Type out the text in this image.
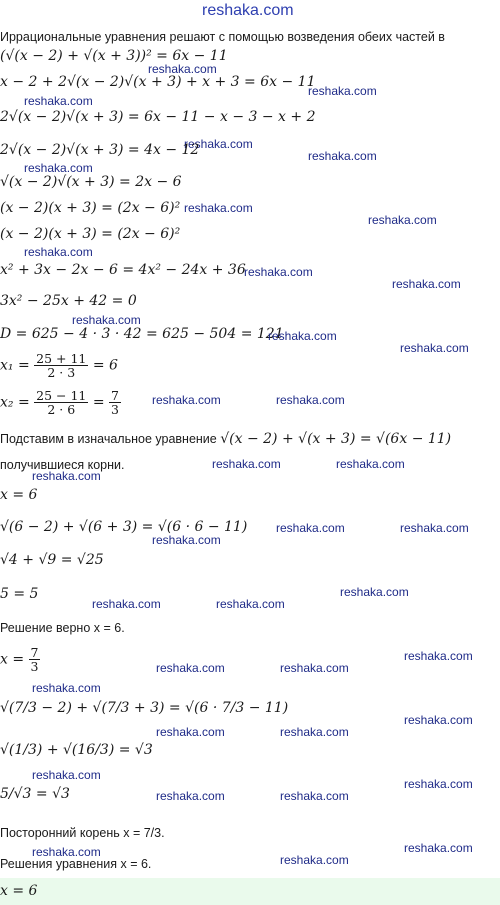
reshaka.com
Иррациональные уравнения решают с помощью возведения обеих частей в
(√(x − 2) + √(x + 3))² = 6x − 11
reshaka.com
x − 2 + 2√(x − 2)√(x + 3) + x + 3 = 6x − 11
reshaka.com
reshaka.com
2√(x − 2)√(x + 3) = 6x − 11 − x − 3 − x + 2
reshaka.com
2√(x − 2)√(x + 3) = 4x − 12	reshaka.com
reshaka.com
√(x − 2)√(x + 3) = 2x − 6
(x − 2)(x + 3) = (2x − 6)² reshaka.com
reshaka.com
(x − 2)(x + 3) = (2x − 6)²
reshaka.com
x² + 3x − 2x − 6 = 4x² − 24x + 36
reshaka.com
reshaka.com
3x² − 25x + 42 = 0
reshaka.com
D = 625 − 4 · 3 · 42 = 625 − 504 = 121
reshaka.com
reshaka.com
$x_1 = \frac{25 + 11}{2 \cdot 3} = 6$
$x_2 = \frac{25 - 11}{2 \cdot 6} = \frac{7}{3}$	reshaka.com	reshaka.com
Подставим в изначальное уравнение √(x − 2) + √(x + 3) = √(6x − 11)
получившиеся корни.	reshaka.com	reshaka.com
reshaka.com
x = 6
√(6 − 2) + √(6 + 3) = √(6 · 6 − 11) reshaka.com	reshaka.com
reshaka.com
√4 + √9 = √25
5 = 5	reshaka.com
reshaka.com	reshaka.com
Решение верно x = 6.
$x = \frac{7}{3}$	reshaka.com
reshaka.com	reshaka.com
reshaka.com
√(7/3 − 2) + √(7/3 + 3) = √(6 · 7/3 − 11)
reshaka.com
reshaka.com	reshaka.com
√(1/3) + √(16/3) = √3
reshaka.com
reshaka.com
5/√3 = √3	reshaka.com	reshaka.com
Посторонний корень x = 7/3.
reshaka.com
reshaka.com
reshaka.com
Решения уравнения x = 6.
x = 6
